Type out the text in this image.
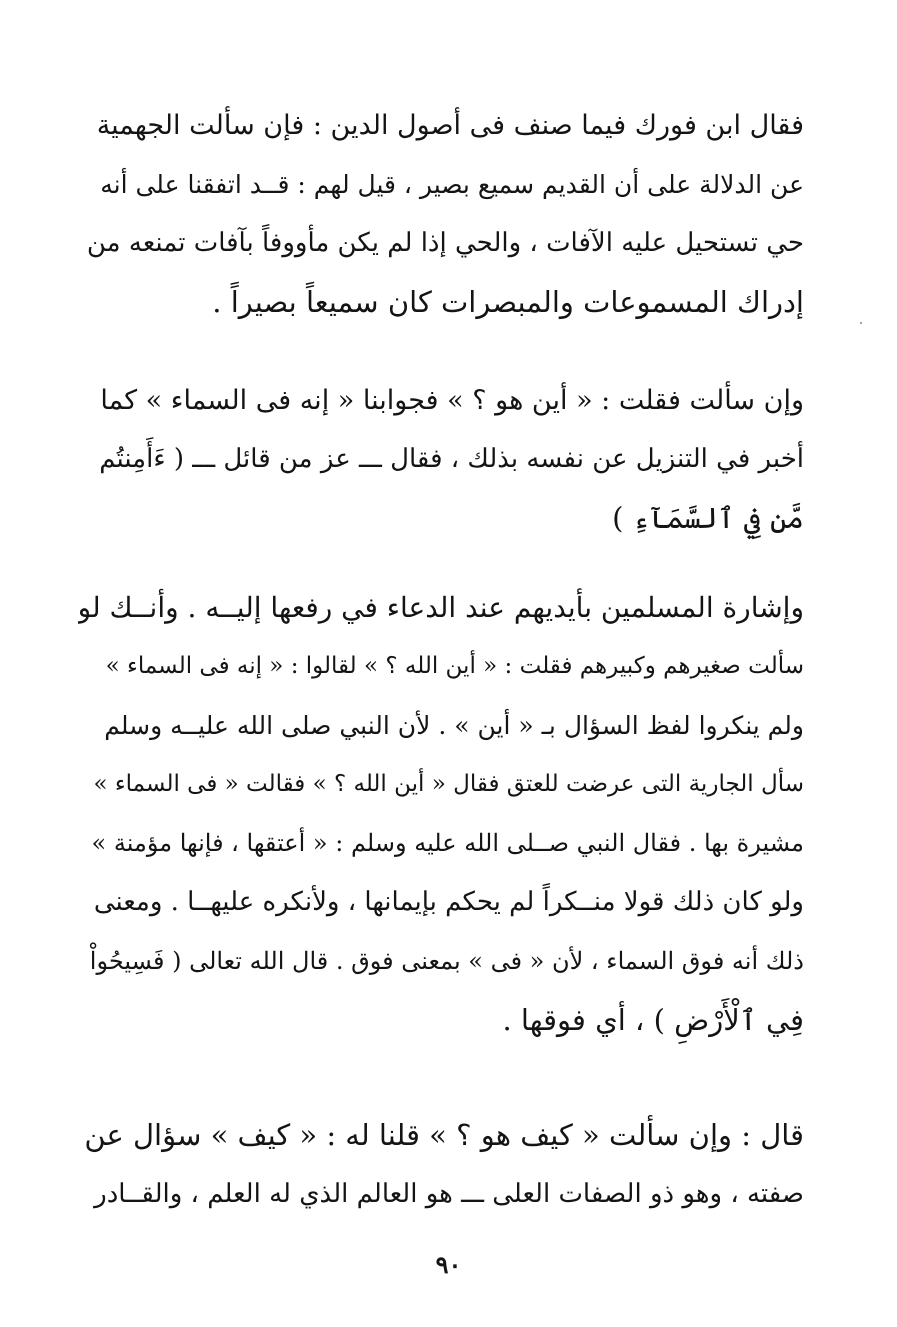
فقال ابن فورك فيما صنف فى أصول الدين : فإن سألت الجهمية
عن الدلالة على أن القديم سميع بصير ، قيل لهم : قــد اتفقنا على أنه
حي تستحيل عليه الآفات ، والحي إذا لم يكن مأووفاً بآفات تمنعه من
إدراك المسموعات والمبصرات كان سميعاً بصيراً .
وإن سألت فقلت : « أين هو ؟ » فجوابنا « إنه فى السماء » كما
أخبر في التنزيل عن نفسه بذلك ، فقال ـــ عز من قائل ـــ ( ءَأَمِنتُم
مَّن فِي ٱلسَّمَآءِ )
وإشارة المسلمين بأيديهم عند الدعاء في رفعها إليــه . وأنــك لو
سألت صغيرهم وكبيرهم فقلت : « أين الله ؟ » لقالوا : « إنه فى السماء »
ولم ينكروا لفظ السؤال بـ « أين » . لأن النبي صلى الله عليــه وسلم
سأل الجارية التى عرضت للعتق فقال « أين الله ؟ » فقالت « فى السماء »
مشيرة بها . فقال النبي صــلى الله عليه وسلم : « أعتقها ، فإنها مؤمنة »
ولو كان ذلك قولا منــكراً لم يحكم بإيمانها ، ولأنكره عليهــا . ومعنى
ذلك أنه فوق السماء ، لأن « فى » بمعنى فوق . قال الله تعالى ( فَسِيحُواْ
فِي ٱلْأَرْضِ ) ، أي فوقها .
قال : وإن سألت « كيف هو ؟ » قلنا له : « كيف » سؤال عن
صفته ، وهو ذو الصفات العلى ـــ هو العالم الذي له العلم ، والقــادر
٩٠
